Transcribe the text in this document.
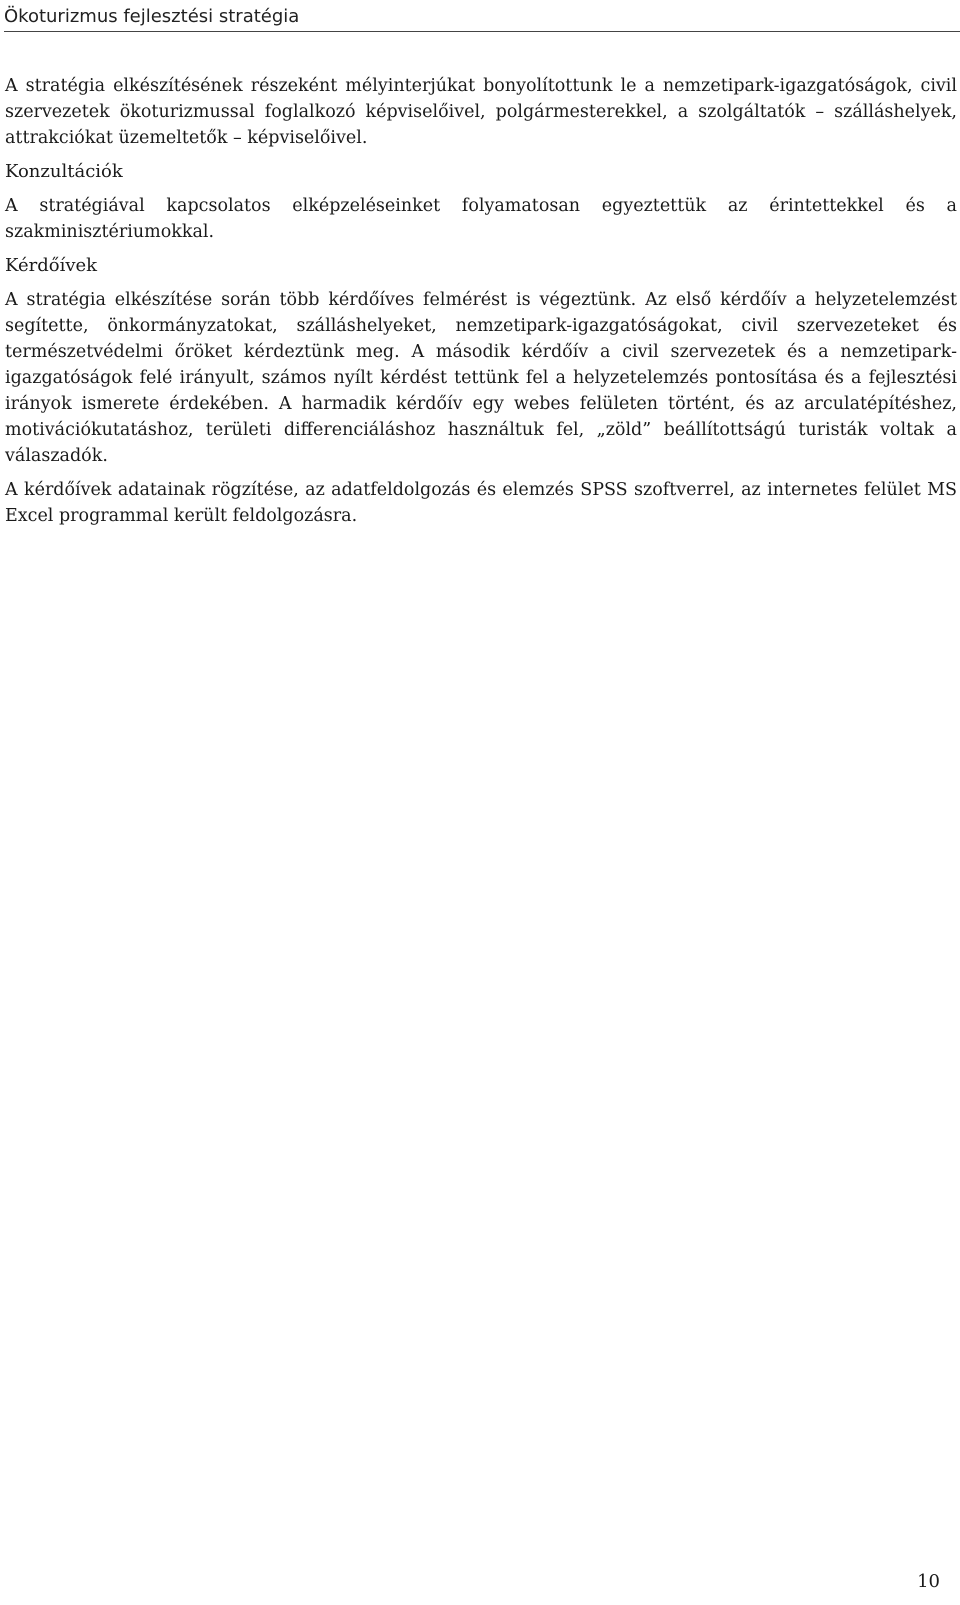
Ökoturizmus fejlesztési stratégia

A stratégia elkészítésének részeként mélyinterjúkat bonyolítottunk le a nemzetipark-igazgatóságok, civil szervezetek ökoturizmussal foglalkozó képviselőivel, polgármesterekkel, a szolgáltatók – szálláshelyek, attrakciókat üzemeltetők – képviselőivel.

Konzultációk

A stratégiával kapcsolatos elképzeléseinket folyamatosan egyeztettük az érintettekkel és a szakminisztériumokkal.

Kérdőívek

A stratégia elkészítése során több kérdőíves felmérést is végeztünk. Az első kérdőív a helyzetelemzést segítette, önkormányzatokat, szálláshelyeket, nemzetipark-igazgatóságokat, civil szervezeteket és természetvédelmi őröket kérdeztünk meg. A második kérdőív a civil szervezetek és a nemzetipark-igazgatóságok felé irányult, számos nyílt kérdést tettünk fel a helyzetelemzés pontosítása és a fejlesztési irányok ismerete érdekében. A harmadik kérdőív egy webes felületen történt, és az arculatépítéshez, motivációkutatáshoz, területi differenciáláshoz használtuk fel, „zöld” beállítottságú turisták voltak a válaszadók.

A kérdőívek adatainak rögzítése, az adatfeldolgozás és elemzés SPSS szoftverrel, az internetes felület MS Excel programmal került feldolgozásra.

10
